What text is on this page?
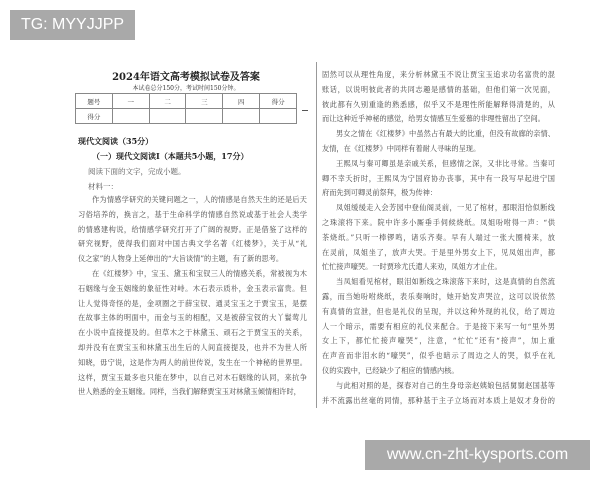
TG: MYYJJPP
2024年语文高考模拟试卷及答案
本试卷总分150分，考试时间150分钟。
题号	一	二	三	四	得分
得分					
现代文阅读（35分）
（一）现代文阅读Ⅰ（本题共5小题，17分）
阅读下面的文字，完成小题。
材料一：
作为情感学研究的关键问题之一，人的情感是自然天生的还是后天
习俗培养的，换言之，基于生命科学的情感自然说或基于社会人类学
的情感建构说，给情感学研究打开了广阔的视野。正是借鉴了这样的
研究视野，使得我们面对中国古典文学名著《红楼梦》，关于从“礼
仪之家”的人物身上延伸出的“大旨谈情”的主题，有了新的思考。
在《红楼梦》中，宝玉、黛玉和宝钗三人的情感关系，常被视为木
石姻缘与金玉姻缘的象征性对峙。木石表示质朴，金玉表示富贵。但
让人觉得奇怪的是，金项圈之于薛宝钗、通灵宝玉之于贾宝玉，是摆
在故事主体的明面中，而金与玉的相配，又是被薛宝钗的大丫鬟莺儿
在小说中直接提及的。但草木之于林黛玉、顽石之于贾宝玉的关系，
却并没有在贾宝玉和林黛玉出生后的人间直接提及，也并不为世人所
知晓，毋宁说，这是作为两人的前世传说，发生在一个神秘的世界里。
这样，贾宝玉最多也只能在梦中，以自己对木石姻缘的认同，来抗争
世人熟悉的金玉姻缘。同样，当我们解释贾宝玉对林黛玉倾情相许时，
固然可以从理性角度，来分析林黛玉不说让贾宝玉追求功名富贵的混
账话，以说明彼此者的共同志趣是感情的基础，但他们第一次见面，
彼此都有久别重逢的熟悉感，似乎又不是理性所能解释得清楚的，从
而让这种近乎神秘的感觉，给男女情感互生爱慕的非理性留出了空间。
男女之情在《红楼梦》中虽然占有最大的比重，但没有故廊的亲情、
友情，在《红楼梦》中同样有着耐人寻味的呈现。
王熙凤与秦可卿虽是亲戚关系，但感情之深，又非比寻常。当秦可
卿不幸夭折时，王熙凤为宁国府协办丧事，其中有一段写早起进宁国
府而先到可卿灵前祭拜，极为传神：
凤姐缓缓走入会芳园中登仙阁灵前，一见了棺材，那眼泪恰似断线
之珠滚将下来。院中许多小厮垂手伺候烧纸。凤姐吩咐得一声：“供
茶烧纸。”只听一棒锣鸣，诸乐齐奏。早有人端过一张大圈椅来，放
在灵前，凤姐坐了，放声大哭。于是里外男女上下，见凤姐出声，都
忙忙接声嚎哭。一时贾珍尤氏遣人来劝，凤姐方才止住。
当凤姐看见棺材，眼泪如断线之珠滚落下来时，这是真情的自然流
露，而当她吩咐烧纸，表乐奏响时，她开始发声哭泣，这可以说依然
有真情的宣泄，但也是礼仪的呈现，并以这种外现的礼仪，给了周边
人一个暗示，需要有相应的礼仪来配合。于是接下来写一句“里外男
女上下，都忙忙接声嚎哭”，注意，“忙忙”还有“接声”，加上重
在声音而非泪水的“嚎哭”，似乎也暗示了周边之人的哭，似乎在礼
仪的实践中，已经缺少了相应的情感内核。
与此相对照的是，探春对自己的生身母亲赵姨娘包括舅舅赵国基等
并不流露出丝毫的同情，那种基于主子立场而对本质上是奴才身份的
www.cn-zht-kysports.com
